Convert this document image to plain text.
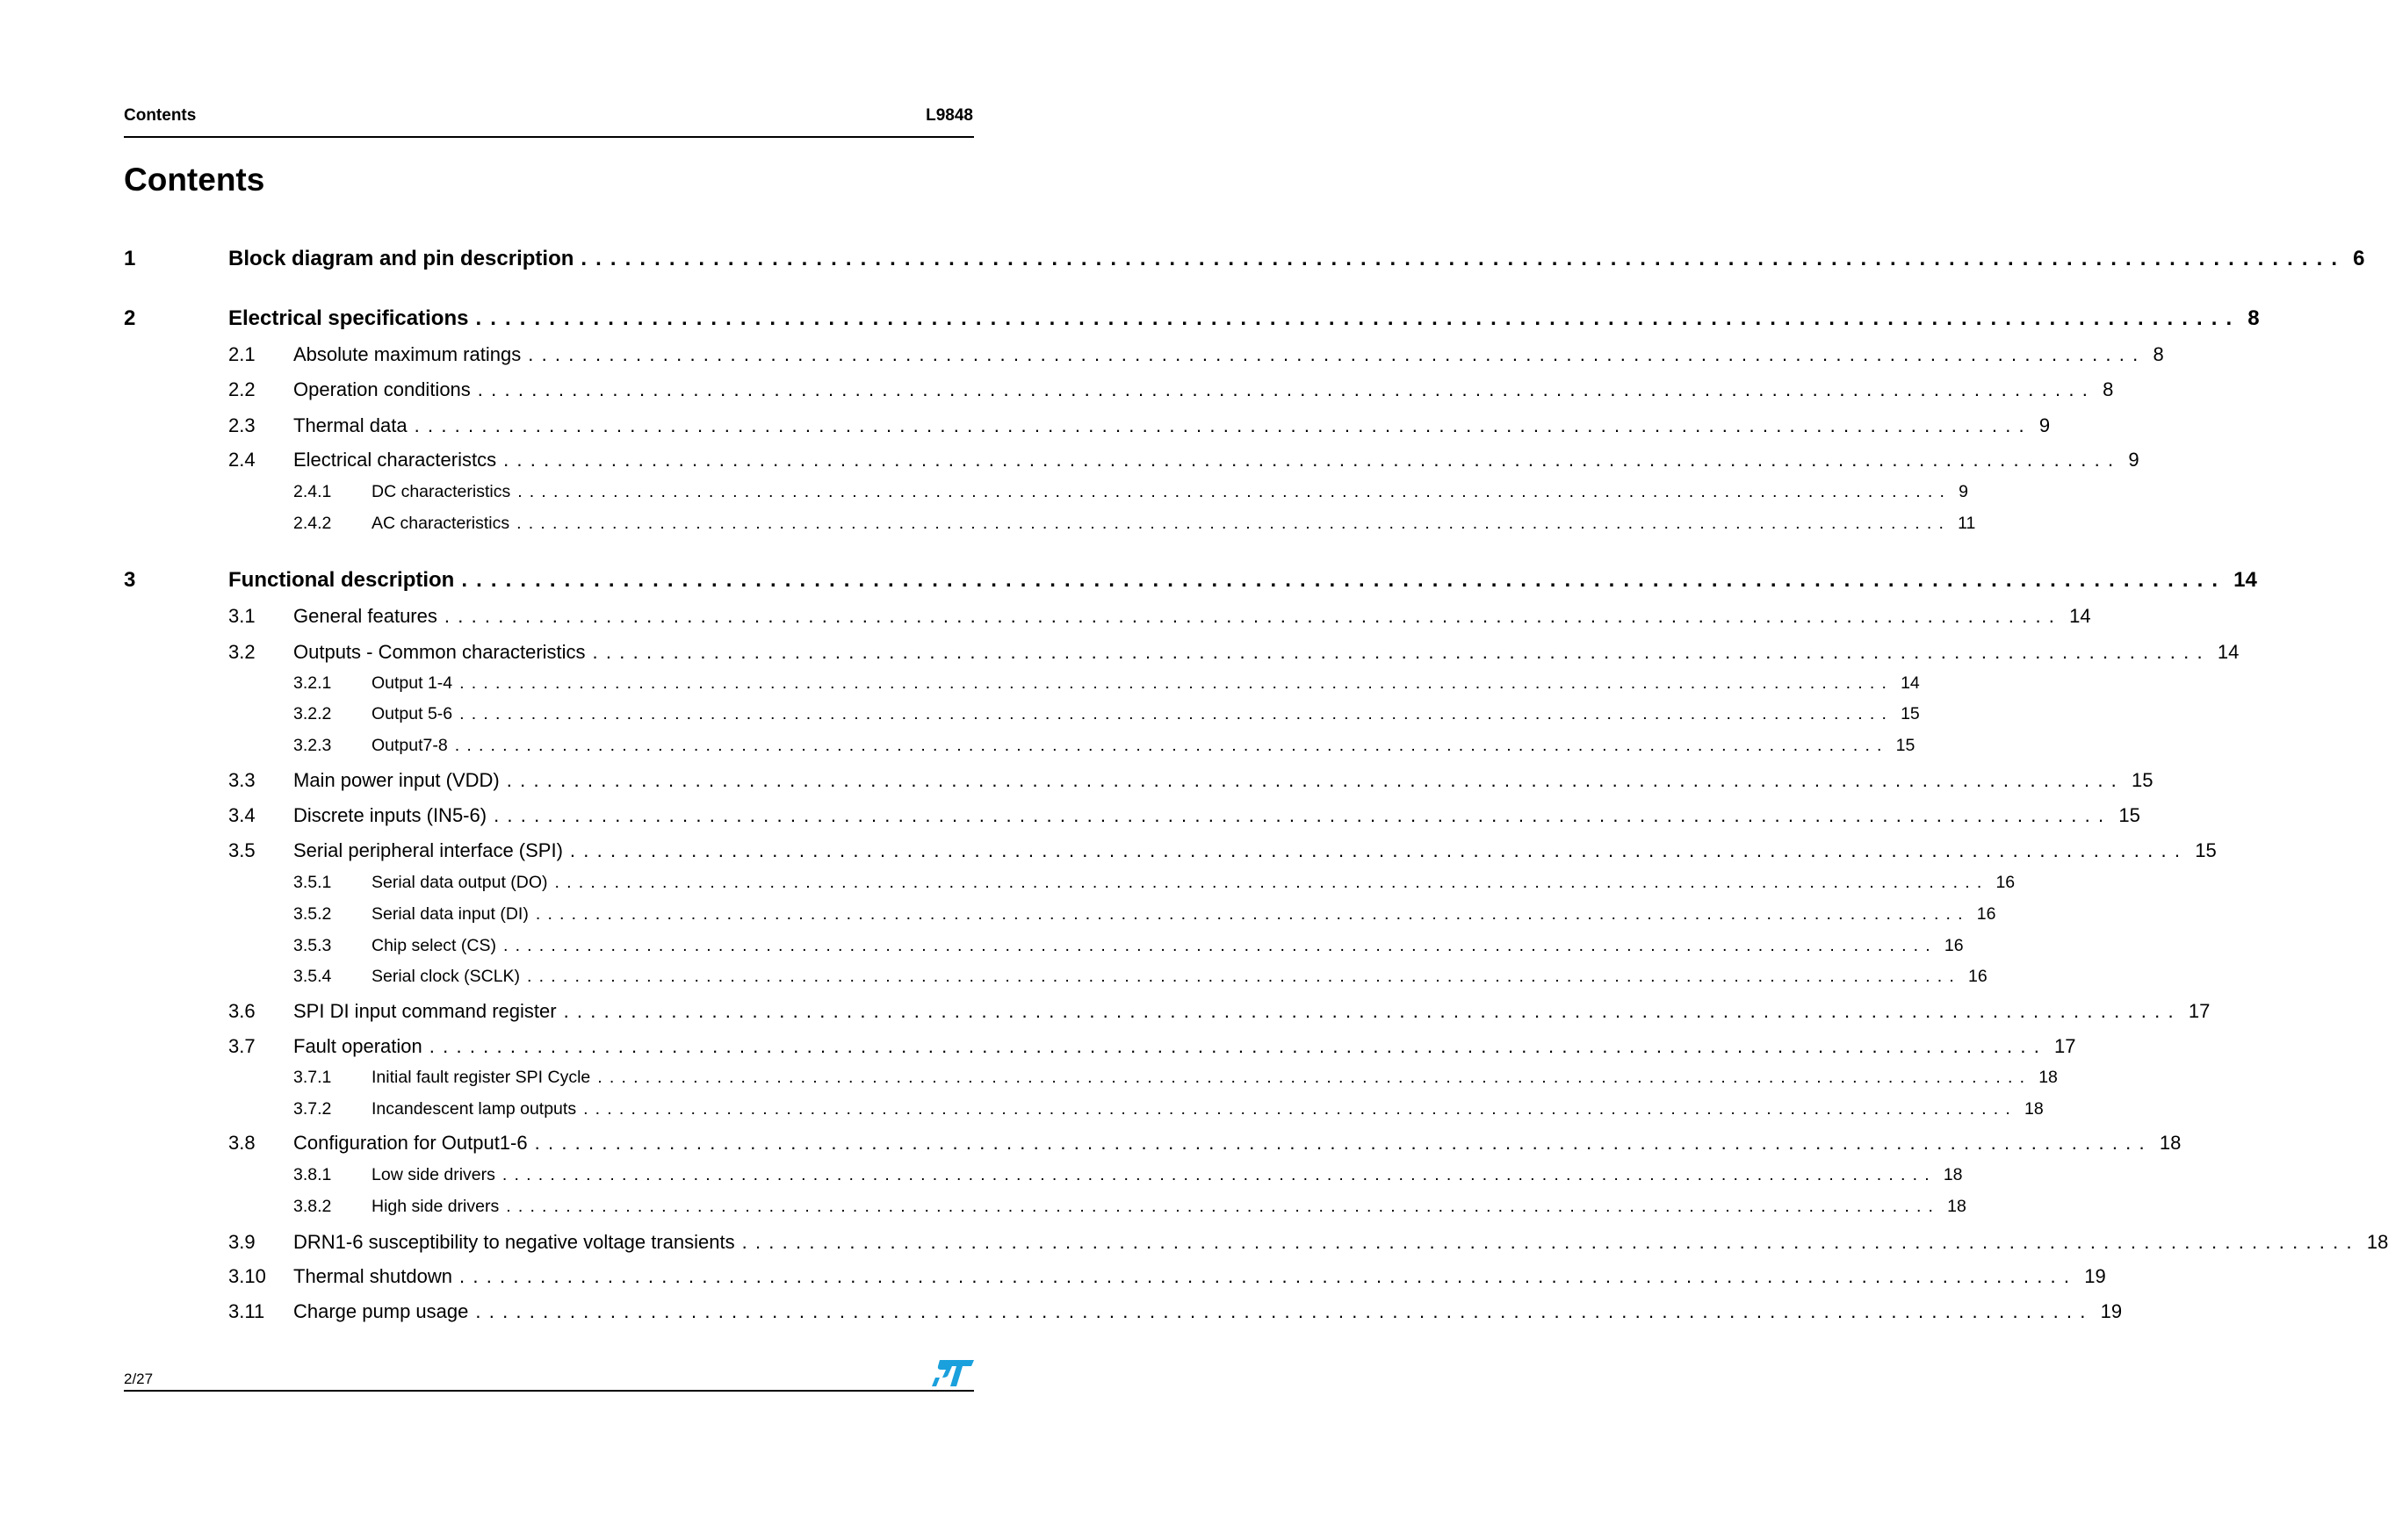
Contents	L9848
Contents
1	Block diagram and pin description ........................................................................................................................ 6
2	Electrical specifications ........................................................................................................................ 8
2.1 Absolute maximum ratings ........................................................................................................................ 8
2.2 Operation conditions ........................................................................................................................ 8
2.3 Thermal data ........................................................................................................................ 9
2.4 Electrical characteristcs ........................................................................................................................ 9
2.4.1 DC characteristics ........................................................................................................................ 9
2.4.2 AC characteristics ........................................................................................................................ 11
3	Functional description ........................................................................................................................ 14
3.1 General features ........................................................................................................................ 14
3.2 Outputs - Common characteristics ........................................................................................................................ 14
3.2.1 Output 1-4 ........................................................................................................................ 14
3.2.2 Output 5-6 ........................................................................................................................ 15
3.2.3 Output7-8 ........................................................................................................................ 15
3.3 Main power input (VDD) ........................................................................................................................ 15
3.4 Discrete inputs (IN5-6) ........................................................................................................................ 15
3.5 Serial peripheral interface (SPI) ........................................................................................................................ 15
3.5.1 Serial data output (DO) ........................................................................................................................ 16
3.5.2 Serial data input (DI) ........................................................................................................................ 16
3.5.3 Chip select (CS) ........................................................................................................................ 16
3.5.4 Serial clock (SCLK) ........................................................................................................................ 16
3.6 SPI DI input command register ........................................................................................................................ 17
3.7 Fault operation ........................................................................................................................ 17
3.7.1 Initial fault register SPI Cycle ........................................................................................................................ 18
3.7.2 Incandescent lamp outputs ........................................................................................................................ 18
3.8 Configuration for Output1-6 ........................................................................................................................ 18
3.8.1 Low side drivers ........................................................................................................................ 18
3.8.2 High side drivers ........................................................................................................................ 18
3.9 DRN1-6 susceptibility to negative voltage transients ........................................................................................................................ 18
3.10 Thermal shutdown ........................................................................................................................ 19
3.11 Charge pump usage ........................................................................................................................ 19
2/27
